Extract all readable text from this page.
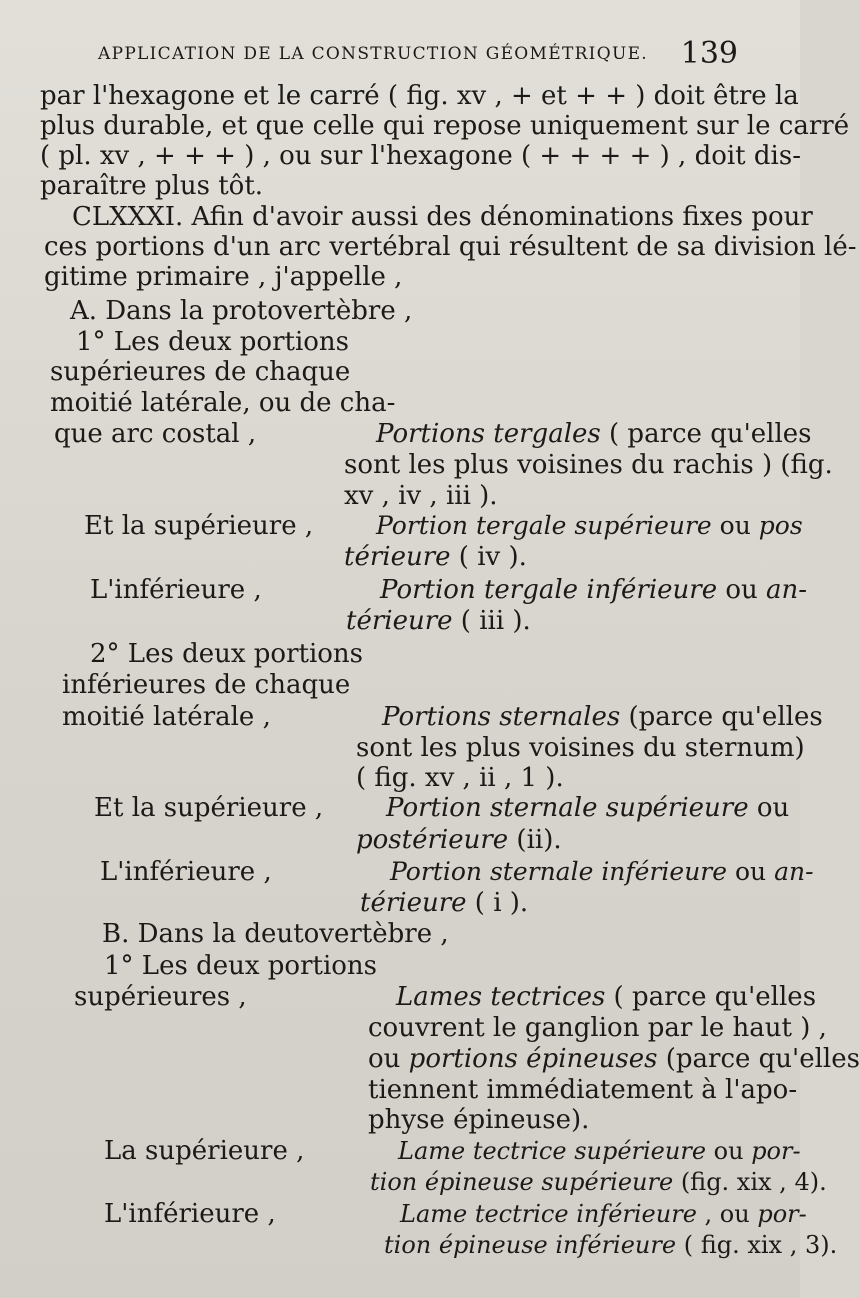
APPLICATION DE LA CONSTRUCTION GÉOMÉTRIQUE. 139
par l'hexagone et le carré ( fig. xv , + et + + ) doit être la
plus durable, et que celle qui repose uniquement sur le carré
( pl. xv , + + + ) , ou sur l'hexagone ( + + + + ) , doit dis-
paraître plus tôt.
CLXXXI. Afin d'avoir aussi des dénominations fixes pour
ces portions d'un arc vertébral qui résultent de sa division lé-
gitime primaire , j'appelle ,
A. Dans la protovertèbre ,
1° Les deux portions
supérieures de chaque
moitié latérale, ou de cha-
que arc costal ,
Et la supérieure ,
L'inférieure ,
2° Les deux portions
inférieures de chaque
moitié latérale ,
Et la supérieure ,
L'inférieure ,
B. Dans la deutovertèbre ,
1° Les deux portions
supérieures ,
La supérieure ,
L'inférieure ,
Portions tergales ( parce qu'elles
sont les plus voisines du rachis ) (fig.
xv , iv , iii ).
Portion tergale supérieure ou pos
térieure ( iv ).
Portion tergale inférieure ou an-
térieure ( iii ).
Portions sternales (parce qu'elles
sont les plus voisines du sternum)
( fig. xv , ii , 1 ).
Portion sternale supérieure ou
postérieure (ii).
Portion sternale inférieure ou an-
térieure ( i ).
Lames tectrices ( parce qu'elles
couvrent le ganglion par le haut ) ,
ou portions épineuses (parce qu'elles
tiennent immédiatement à l'apo-
physe épineuse).
Lame tectrice supérieure ou por-
tion épineuse supérieure (fig. xix , 4).
Lame tectrice inférieure , ou por-
tion épineuse inférieure ( fig. xix , 3).
